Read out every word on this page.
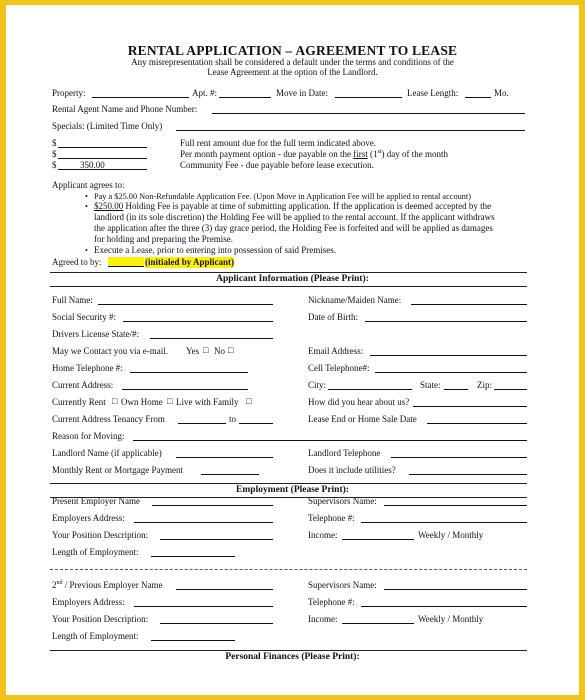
RENTAL APPLICATION – AGREEMENT TO LEASE
Any misrepresentation shall be considered a default under the terms and conditions of the
Lease Agreement at the option of the Landlord.
Property:	Apt. #:	Move in Date:	Lease Length:	Mo.
Rental Agent Name and Phone Number:
Specials: (Limited Time Only)
$	Full rent amount due for the full term indicated above.
$	Per month payment option - due payable on the first (1st) day of the month
$	350.00	Community Fee - due payable before lease execution.
Applicant agrees to:
• Pay a $25.00 Non-Refundable Application Fee. (Upon Move in Application Fee will be applied to rental account)
• $250.00 Holding Fee is payable at time of submitting application. If the application is deemed accepted by the
landlord (in its sole discretion) the Holding Fee will be applied to the rental account. If the applicant withdraws
the application after the three (3) day grace period, the Holding Fee is forfeited and will be applied as damages
for holding and preparing the Premise.
• Execute a Lease, prior to entering into possession of said Premises.
Agreed to by:	(initialed by Applicant)
Applicant Information (Please Print):
Full Name:	Nickname/Maiden Name:
Social Security #:	Date of Birth:
Drivers License State/#:
May we Contact you via e-mail. Yes □ No □	Email Address:
Home Telephone #:	Cell Telephone#:
Current Address:	City:	State:	Zip:
Currently Rent □ Own Home □ Live with Family □	How did you hear about us?
Current Address Tenancy From	to	Lease End or Home Sale Date
Reason for Moving:
Landlord Name (if applicable)	Landlord Telephone
Monthly Rent or Mortgage Payment	Does it include utilities?
Employment (Please Print):
Present Employer Name	Supervisors Name:
Employers Address:	Telephone #:
Your Position Description:	Income:	Weekly / Monthly
Length of Employment:
2nd / Previous Employer Name	Supervisors Name:
Employers Address:	Telephone #:
Your Position Description:	Income:	Weekly / Monthly
Length of Employment:
Personal Finances (Please Print):
